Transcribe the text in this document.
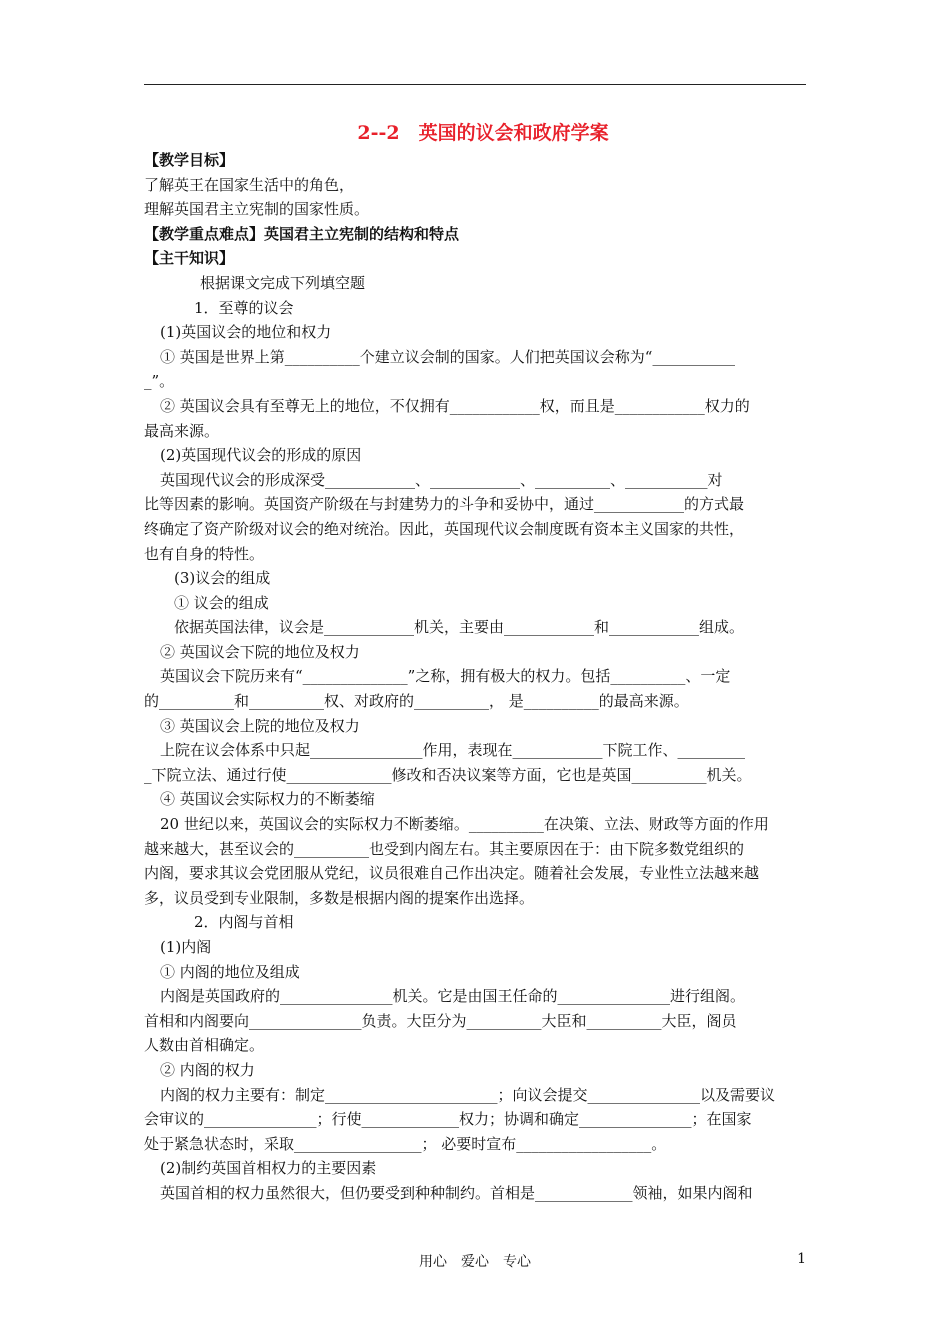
2--2　英国的议会和政府学案
【教学目标】
了解英王在国家生活中的角色，
理解英国君主立宪制的国家性质。
【教学重点难点】英国君主立宪制的结构和特点
【主干知识】
根据课文完成下列填空题
1．至尊的议会
(1)英国议会的地位和权力
① 英国是世界上第__________个建立议会制的国家。人们把英国议会称为“___________
_”。
② 英国议会具有至尊无上的地位，不仅拥有____________权，而且是____________权力的
最高来源。
(2)英国现代议会的形成的原因
英国现代议会的形成深受____________、____________、__________、___________对
比等因素的影响。英国资产阶级在与封建势力的斗争和妥协中，通过____________的方式最
终确定了资产阶级对议会的绝对统治。因此，英国现代议会制度既有资本主义国家的共性，
也有自身的特性。
(3)议会的组成
① 议会的组成
依据英国法律，议会是____________机关，主要由____________和____________组成。
② 英国议会下院的地位及权力
英国议会下院历来有“______________”之称，拥有极大的权力。包括__________、一定
的__________和__________权、对政府的__________， 是__________的最高来源。
③ 英国议会上院的地位及权力
上院在议会体系中只起_______________作用，表现在____________下院工作、_________
_下院立法、通过行使______________修改和否决议案等方面，它也是英国__________机关。
④ 英国议会实际权力的不断萎缩
20 世纪以来，英国议会的实际权力不断萎缩。__________在决策、立法、财政等方面的作用
越来越大，甚至议会的__________也受到内阁左右。其主要原因在于：由下院多数党组织的
内阁，要求其议会党团服从党纪，议员很难自己作出决定。随着社会发展，专业性立法越来越
多，议员受到专业限制，多数是根据内阁的提案作出选择。
2．内阁与首相
(1)内阁
① 内阁的地位及组成
内阁是英国政府的_______________机关。它是由国王任命的_______________进行组阁。
首相和内阁要向_______________负责。大臣分为__________大臣和__________大臣，阁员
人数由首相确定。
② 内阁的权力
内阁的权力主要有：制定_______________________；向议会提交_______________以及需要议
会审议的_______________；行使_____________权力；协调和确定_______________；在国家
处于紧急状态时，采取_________________； 必要时宣布__________________。
(2)制约英国首相权力的主要因素
英国首相的权力虽然很大，但仍要受到种种制约。首相是_____________领袖，如果内阁和
用心　爱心　专心	1
